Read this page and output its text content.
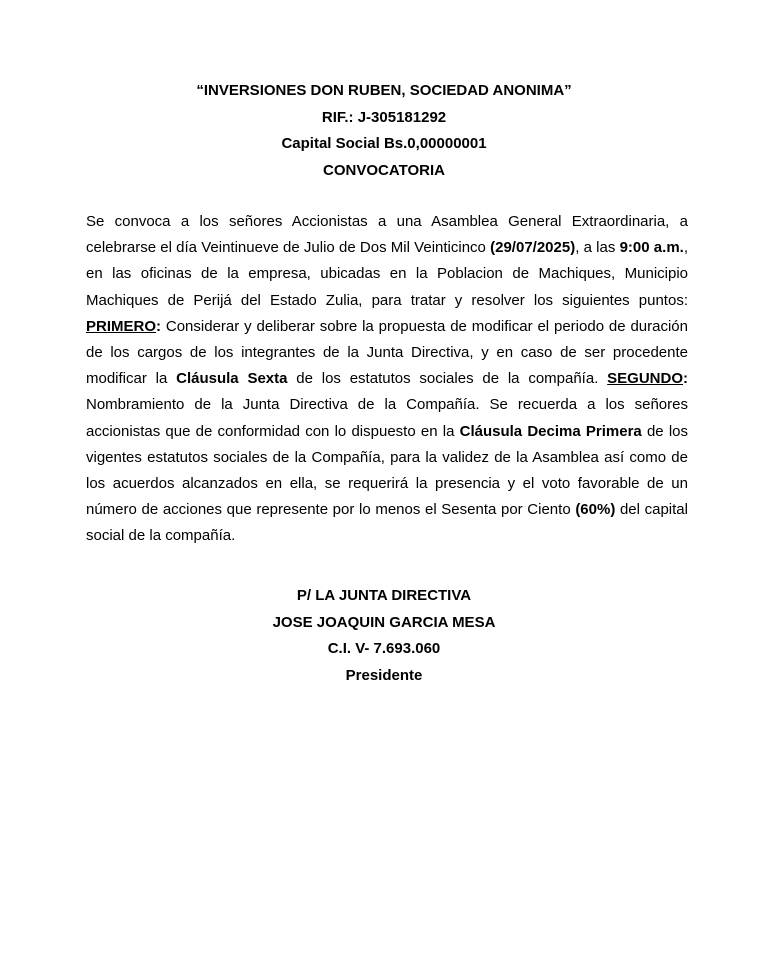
“INVERSIONES DON RUBEN, SOCIEDAD ANONIMA”
RIF.: J-305181292
Capital Social Bs.0,00000001
CONVOCATORIA
Se convoca a los señores Accionistas a una Asamblea General Extraordinaria, a celebrarse el día Veintinueve de Julio de Dos Mil Veinticinco (29/07/2025), a las 9:00 a.m., en las oficinas de la empresa, ubicadas en la Poblacion de Machiques, Municipio Machiques de Perijá del Estado Zulia, para tratar y resolver los siguientes puntos: PRIMERO: Considerar y deliberar sobre la propuesta de modificar el periodo de duración de los cargos de los integrantes de la Junta Directiva, y en caso de ser procedente modificar la Cláusula Sexta de los estatutos sociales de la compañía. SEGUNDO: Nombramiento de la Junta Directiva de la Compañía. Se recuerda a los señores accionistas que de conformidad con lo dispuesto en la Cláusula Decima Primera de los vigentes estatutos sociales de la Compañía, para la validez de la Asamblea así como de los acuerdos alcanzados en ella, se requerirá la presencia y el voto favorable de un número de acciones que represente por lo menos el Sesenta por Ciento (60%) del capital social de la compañía.
P/ LA JUNTA DIRECTIVA
JOSE JOAQUIN GARCIA MESA
C.I. V- 7.693.060
Presidente
